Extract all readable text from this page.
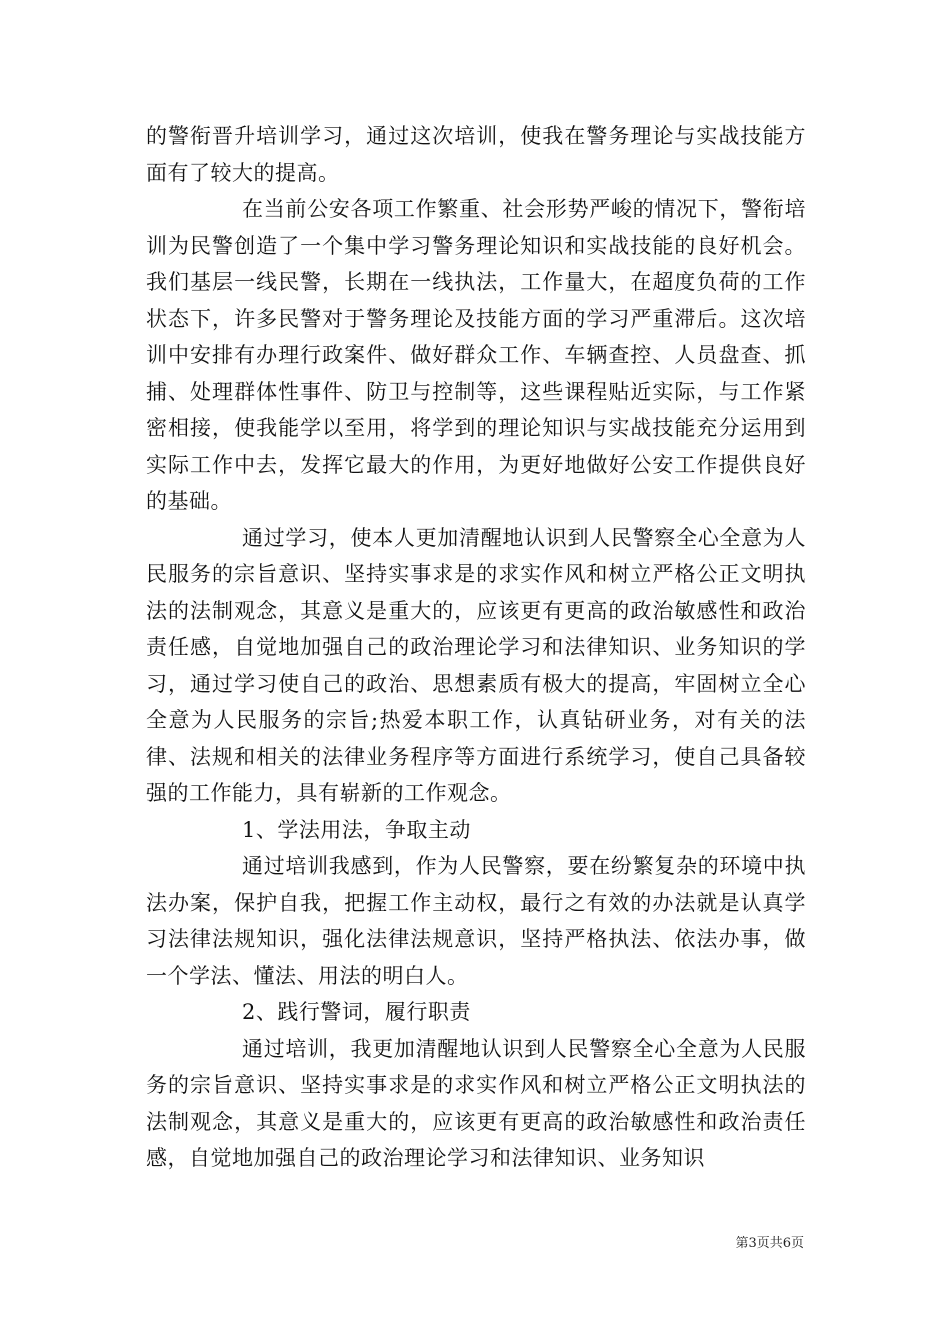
的警衔晋升培训学习，通过这次培训，使我在警务理论与实战技能方面有了较大的提高。

在当前公安各项工作繁重、社会形势严峻的情况下，警衔培训为民警创造了一个集中学习警务理论知识和实战技能的良好机会。我们基层一线民警，长期在一线执法，工作量大，在超度负荷的工作状态下，许多民警对于警务理论及技能方面的学习严重滞后。这次培训中安排有办理行政案件、做好群众工作、车辆查控、人员盘查、抓捕、处理群体性事件、防卫与控制等，这些课程贴近实际，与工作紧密相接，使我能学以至用，将学到的理论知识与实战技能充分运用到实际工作中去，发挥它最大的作用，为更好地做好公安工作提供良好的基础。

通过学习，使本人更加清醒地认识到人民警察全心全意为人民服务的宗旨意识、坚持实事求是的求实作风和树立严格公正文明执法的法制观念，其意义是重大的，应该更有更高的政治敏感性和政治责任感，自觉地加强自己的政治理论学习和法律知识、业务知识的学习，通过学习使自己的政治、思想素质有极大的提高，牢固树立全心全意为人民服务的宗旨;热爱本职工作，认真钻研业务，对有关的法律、法规和相关的法律业务程序等方面进行系统学习，使自己具备较强的工作能力，具有崭新的工作观念。

1、学法用法，争取主动

通过培训我感到，作为人民警察，要在纷繁复杂的环境中执法办案，保护自我，把握工作主动权，最行之有效的办法就是认真学习法律法规知识，强化法律法规意识，坚持严格执法、依法办事，做一个学法、懂法、用法的明白人。

2、践行警词，履行职责

通过培训，我更加清醒地认识到人民警察全心全意为人民服务的宗旨意识、坚持实事求是的求实作风和树立严格公正文明执法的法制观念，其意义是重大的，应该更有更高的政治敏感性和政治责任感，自觉地加强自己的政治理论学习和法律知识、业务知识

第3页共6页
